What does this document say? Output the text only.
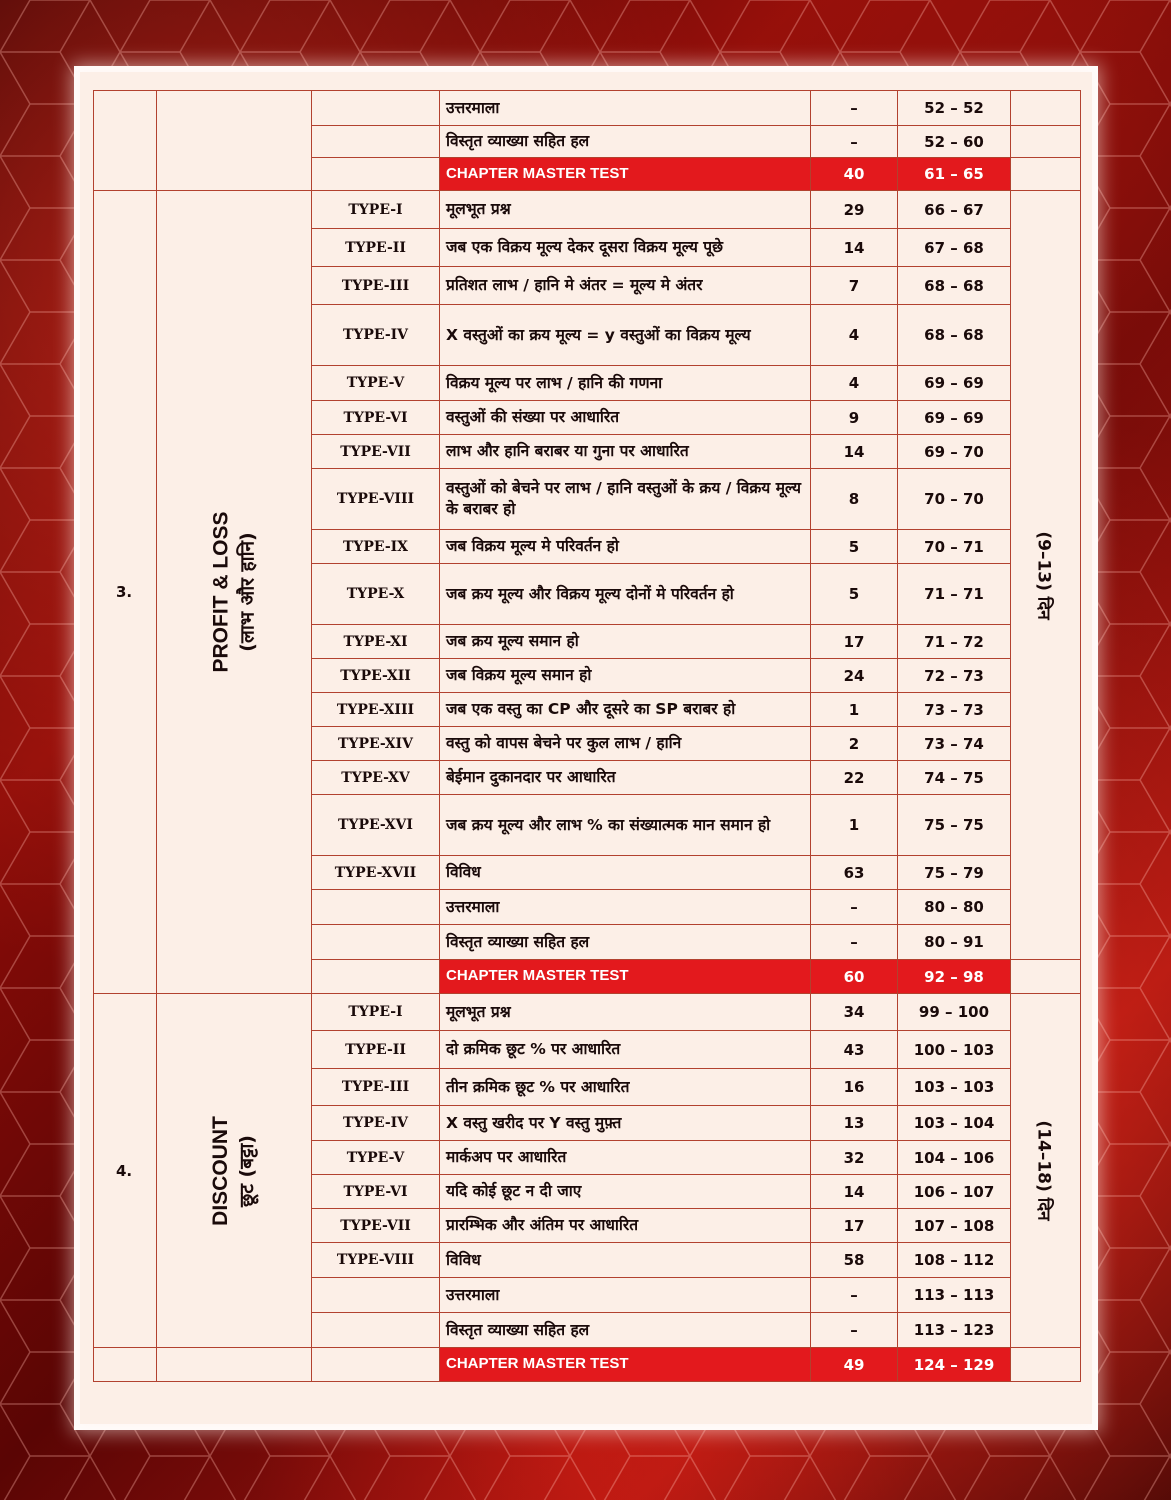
			उत्तरमाला	–	52 – 52	
			विस्तृत व्याख्या सहित हल	–	52 – 60	
			CHAPTER MASTER TEST	40	61 – 65	
3.	PROFIT & LOSS (लाभ और हानि)	TYPE-I	मूलभूत प्रश्न	29	66 – 67	(9–13) दिन

		TYPE-II	जब एक विक्रय मूल्य देकर दूसरा विक्रय मूल्य पूछे	14	67 – 68	
		TYPE-III	प्रतिशत लाभ / हानि मे अंतर = मूल्य मे अंतर	7	68 – 68	
		TYPE-IV	X वस्तुओं का क्रय मूल्य = y वस्तुओं का विक्रय मूल्य	4	68 – 68	
		TYPE-V	विक्रय मूल्य पर लाभ / हानि की गणना	4	69 – 69	
		TYPE-VI	वस्तुओं की संख्या पर आधारित	9	69 – 69	
		TYPE-VII	लाभ और हानि बराबर या गुना पर आधारित	14	69 – 70	
		TYPE-VIII	वस्तुओं को बेचने पर लाभ / हानि वस्तुओं के क्रय / विक्रय मूल्य के बराबर हो	8	70 – 70	
		TYPE-IX	जब विक्रय मूल्य मे परिवर्तन हो	5	70 – 71	
		TYPE-X	जब क्रय मूल्य और विक्रय मूल्य दोनों मे परिवर्तन हो	5	71 – 71	
		TYPE-XI	जब क्रय मूल्य समान हो	17	71 – 72	
		TYPE-XII	जब विक्रय मूल्य समान हो	24	72 – 73	
		TYPE-XIII	जब एक वस्तु का CP और दूसरे का SP बराबर हो	1	73 – 73	
		TYPE-XIV	वस्तु को वापस बेचने पर कुल लाभ / हानि	2	73 – 74	
		TYPE-XV	बेईमान दुकानदार पर आधारित	22	74 – 75	
		TYPE-XVI	जब क्रय मूल्य और लाभ % का संख्यात्मक मान समान हो	1	75 – 75	
		TYPE-XVII	विविध	63	75 – 79	
			उत्तरमाला	–	80 – 80	
			विस्तृत व्याख्या सहित हल	–	80 – 91	
			CHAPTER MASTER TEST	60	92 – 98	
4.	DISCOUNT छूट (बट्टा)	TYPE-I	मूलभूत प्रश्न	34	99 – 100	(14–18) दिन

		TYPE-II	दो क्रमिक छूट % पर आधारित	43	100 – 103	
		TYPE-III	तीन क्रमिक छूट % पर आधारित	16	103 – 103	
		TYPE-IV	X वस्तु खरीद पर Y वस्तु मुफ़्त	13	103 – 104	
		TYPE-V	मार्कअप पर आधारित	32	104 – 106	
		TYPE-VI	यदि कोई छूट न दी जाए	14	106 – 107	
		TYPE-VII	प्रारम्भिक और अंतिम पर आधारित	17	107 – 108	
		TYPE-VIII	विविध	58	108 – 112	
			उत्तरमाला	–	113 – 113	
			विस्तृत व्याख्या सहित हल	–	113 – 123	
			CHAPTER MASTER TEST	49	124 – 129	
